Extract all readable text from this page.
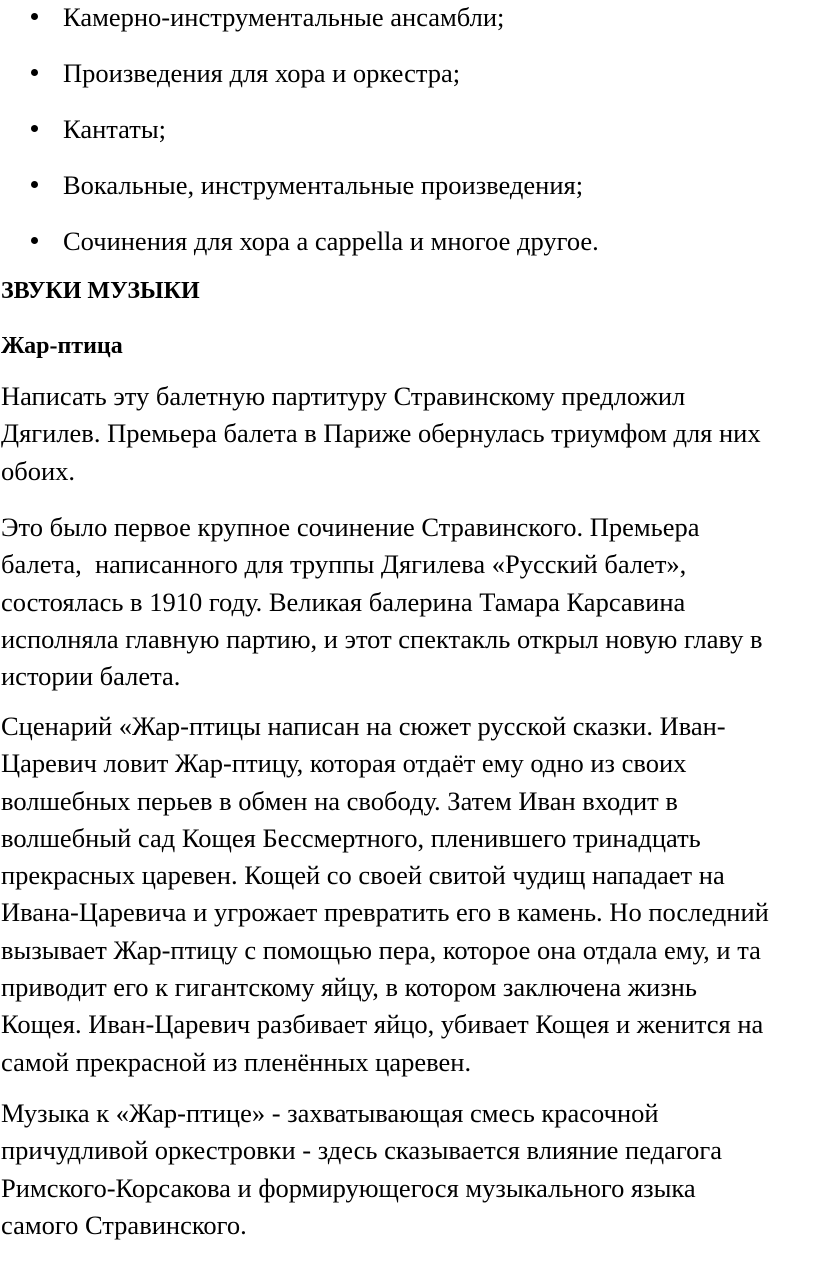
Камерно-инструментальные ансамбли;
Произведения для хора и оркестра;
Кантаты;
Вокальные, инструментальные произведения;
Сочинения для хора a cappella и многое другое.
ЗВУКИ МУЗЫКИ
Жар-птица

Написать эту балетную партитуру Стравинскому предложил
Дягилев. Премьера балета в Париже обернулась триумфом для них
обоих.

Это было первое крупное сочинение Стравинского. Премьера
балета,  написанного для труппы Дягилева «Русский балет»,
состоялась в 1910 году. Великая балерина Тамара Карсавина
исполняла главную партию, и этот спектакль открыл новую главу в
истории балета.

Сценарий «Жар-птицы написан на сюжет русской сказки. Иван-
Царевич ловит Жар-птицу, которая отдаёт ему одно из своих
волшебных перьев в обмен на свободу. Затем Иван входит в
волшебный сад Кощея Бессмертного, пленившего тринадцать
прекрасных царевен. Кощей со своей свитой чудищ нападает на
Ивана-Царевича и угрожает превратить его в камень. Но последний
вызывает Жар-птицу с помощью пера, которое она отдала ему, и та
приводит его к гигантскому яйцу, в котором заключена жизнь
Кощея. Иван-Царевич разбивает яйцо, убивает Кощея и женится на
самой прекрасной из пленённых царевен.

Музыка к «Жар-птице» - захватывающая смесь красочной
причудливой оркестровки - здесь сказывается влияние педагога
Римского-Корсакова и формирующегося музыкального языка
самого Стравинского.
